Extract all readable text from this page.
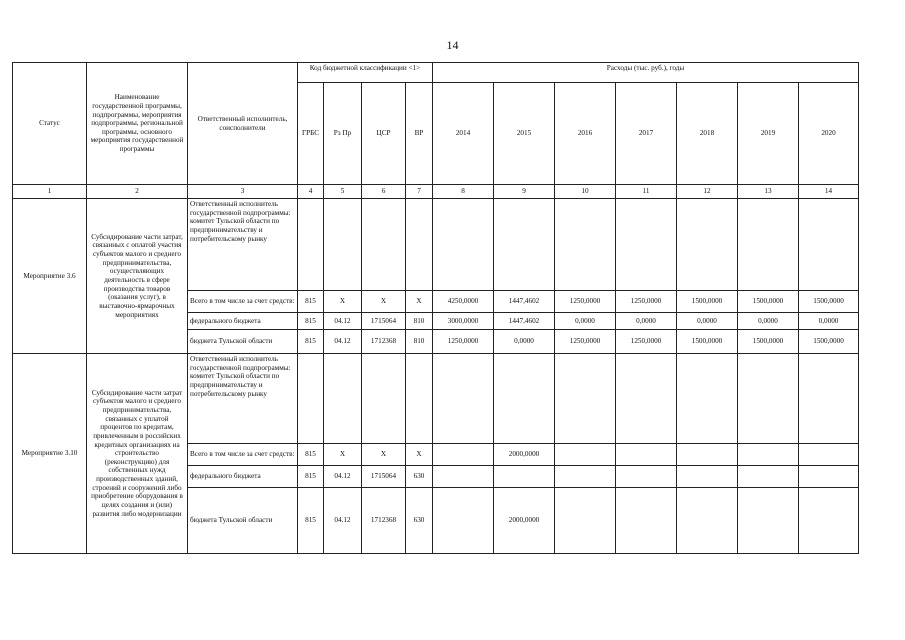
14
Статус	Наименование государственной программы, подпрограммы, мероприятия подпрограммы, региональной программы, основного мероприятия государственной программы	Ответственный исполнитель, соисполнители	Код бюджетной классификации <1>				Расходы (тыс. руб.), годы						
			ГРБС	Рз Пр	ЦСР	ВР	2014	2015	2016	2017	2018	2019	2020
1	2	3	4	5	6	7	8	9	10	11	12	13	14
Мероприятие 3.6	Субсидирование части затрат, связанных с оплатой участия субъектов малого и среднего предпринимательства, осуществляющих деятельность в сфере производства товаров (оказания услуг), в выставочно-ярмарочных мероприятиях	Ответственный исполнитель государственной подпрограммы: комитет Тульской области по предпринимательству и потребительскому рынку											
		Всего в том числе за счет средств:	815	X	X	X	4250,0000	1447,4602	1250,0000	1250,0000	1500,0000	1500,0000	1500,0000
		федерального бюджета	815	04.12	1715064	810	3000,0000	1447,4602	0,0000	0,0000	0,0000	0,0000	0,0000
		бюджета Тульской области	815	04.12	1712368	810	1250,0000	0,0000	1250,0000	1250,0000	1500,0000	1500,0000	1500,0000
Мероприятие 3.10	Субсидирование части затрат субъектов малого и среднего предпринимательства, связанных с уплатой процентов по кредитам, привлеченным в российских кредитных организациях на строительство (реконструкцию) для собственных нужд производственных зданий, строений и сооружений либо приобретение оборудования в целях создания и (или) развития либо модернизации	Ответственный исполнитель государственной подпрограммы: комитет Тульской области по предпринимательству и потребительскому рынку											
		Всего в том числе за счет средств:	815	X	X	X		2000,0000					
		федерального бюджета	815	04.12	1715064	630							
		бюджета Тульской области	815	04.12	1712368	630		2000,0000					
